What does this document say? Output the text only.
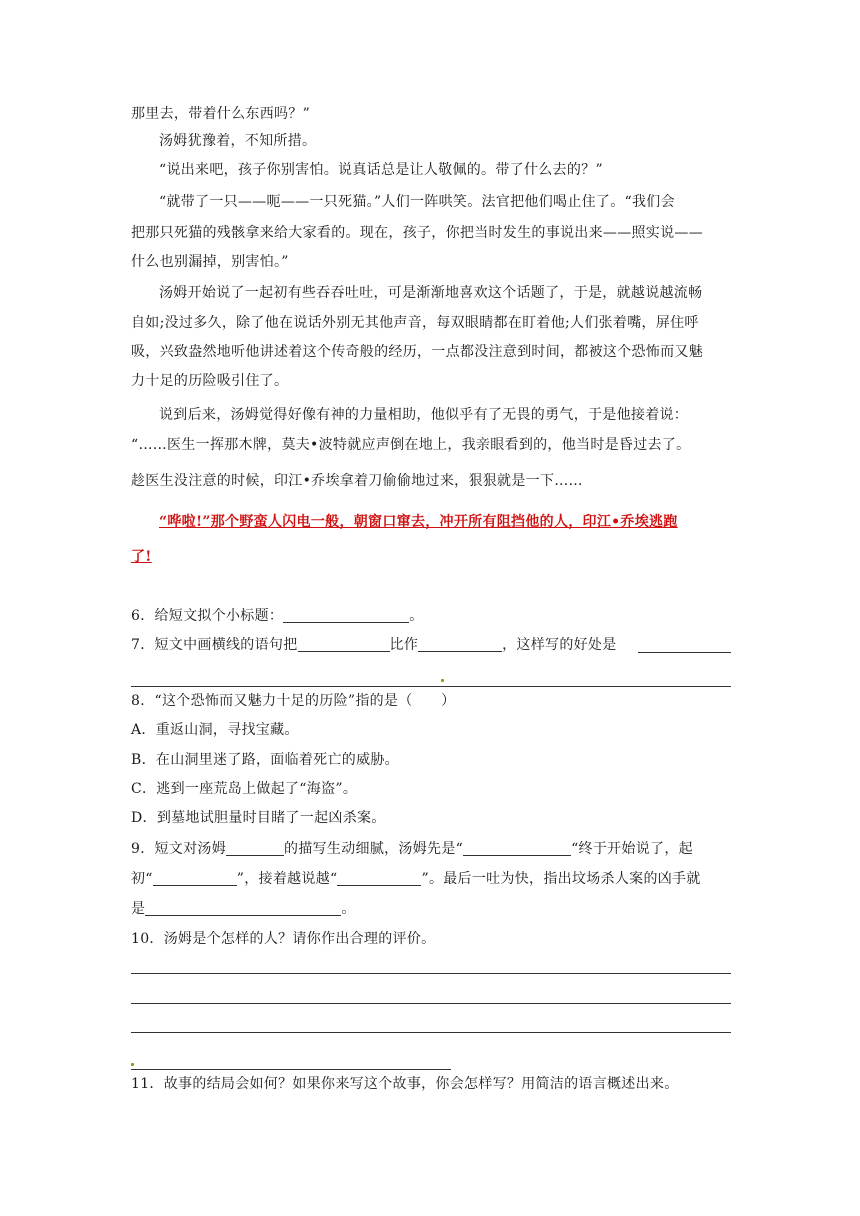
那里去，带着什么东西吗？”
汤姆犹豫着，不知所措。
“说出来吧，孩子你别害怕。说真话总是让人敬佩的。带了什么去的？”
“就带了一只——呃——一只死猫。”人们一阵哄笑。法官把他们喝止住了。“我们会
把那只死猫的残骸拿来给大家看的。现在，孩子，你把当时发生的事说出来——照实说——
什么也别漏掉，别害怕。”
汤姆开始说了一起初有些吞吞吐吐，可是渐渐地喜欢这个话题了，于是，就越说越流畅
自如;没过多久，除了他在说话外别无其他声音，每双眼睛都在盯着他;人们张着嘴，屏住呼
吸，兴致盎然地听他讲述着这个传奇般的经历，一点都没注意到时间，都被这个恐怖而又魅
力十足的历险吸引住了。
说到后来，汤姆觉得好像有神的力量相助，他似乎有了无畏的勇气，于是他接着说：
“……医生一挥那木牌，莫夫•波特就应声倒在地上，我亲眼看到的，他当时是昏过去了。
趁医生没注意的时候，印江•乔埃拿着刀偷偷地过来，狠狠就是一下……
“哗啦!”那个野蛮人闪电一般，朝窗口窜去，冲开所有阻挡他的人，印江•乔埃逃跑
了!
6．给短文拟个小标题：	。
7．短文中画横线的语句把	比作	，这样写的好处是
8．“这个恐怖而又魅力十足的历险”指的是（　　）
A．重返山洞，寻找宝藏。
B．在山洞里迷了路，面临着死亡的威胁。
C．逃到一座荒岛上做起了“海盗”。
D．到墓地试胆量时目睹了一起凶杀案。
9．短文对汤姆	的描写生动细腻，汤姆先是“	“终于开始说了，起
初“	”，接着越说越“	”。最后一吐为快，指出坟场杀人案的凶手就
是	。
10．汤姆是个怎样的人？请你作出合理的评价。
11．故事的结局会如何？如果你来写这个故事，你会怎样写？用简洁的语言概述出来。
